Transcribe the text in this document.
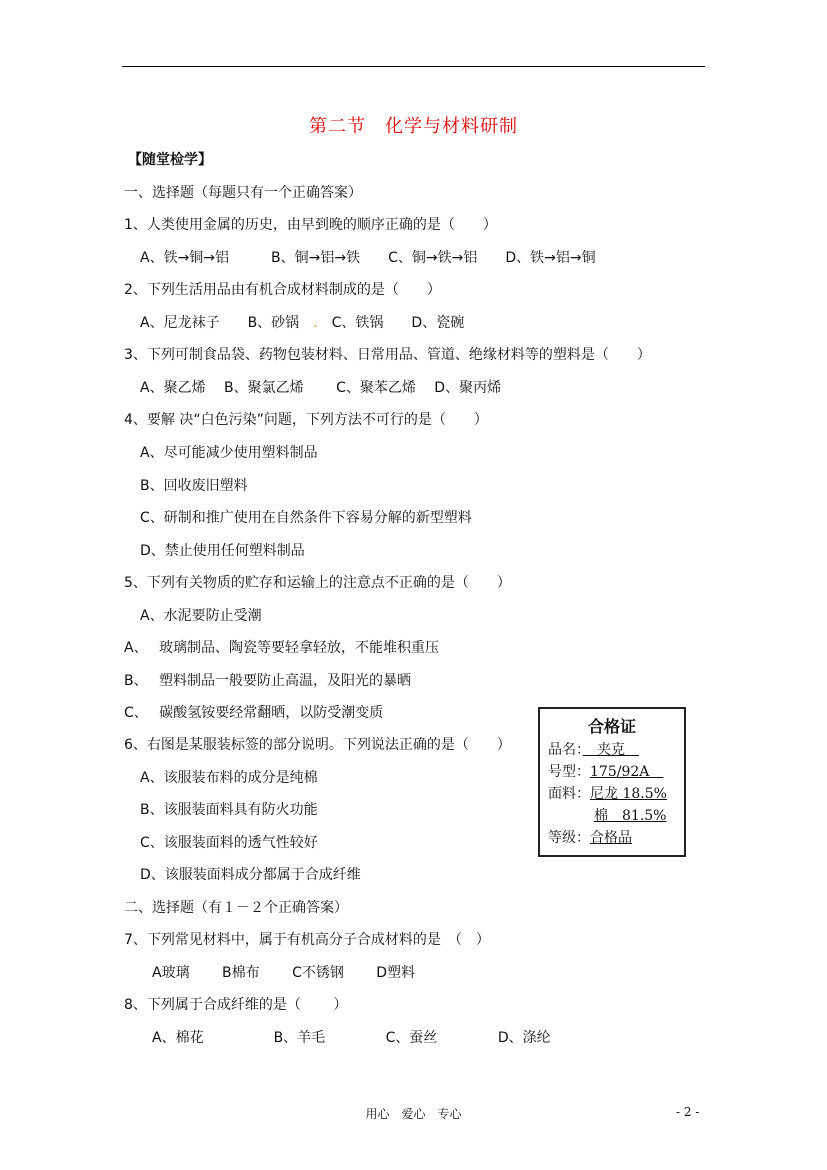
第二节　化学与材料研制
【随堂检学】
一、选择题（每题只有一个正确答案）
1、人类使用金属的历史，由早到晚的顺序正确的是（　　）
A、铁→铜→铝　　　B、铜→铝→铁　　C、铜→铁→铝　　D、铁→铝→铜
2、下列生活用品由有机合成材料制成的是（　　）
A、尼龙袜子　　B、砂锅　 .　 C、铁锅　　D、瓷碗
3、下列可制食品袋、药物包装材料、日常用品、管道、绝缘材料等的塑料是（　　）
A、聚乙烯　 B、聚氯乙烯　　 C、聚苯乙烯　 D、聚丙烯
4、要解 决“白色污染”问题，下列方法不可行的是（　　）
A、尽可能减少使用塑料制品
B、回收废旧塑料
C、研制和推广使用在自然条件下容易分解的新型塑料
D、禁止使用任何塑料制品
5、下列有关物质的贮存和运输上的注意点不正确的是（　　）
A、水泥要防止受潮
A、　 玻璃制品、陶瓷等要轻拿轻放，不能堆积重压
B、　 塑料制品一般要防止高温，及阳光的暴晒
C、　 碳酸氢铵要经常翻晒，以防受潮变质
6、右图是某服装标签的部分说明。下列说法正确的是（　　）
A、该服装布料的成分是纯棉
B、该服装面料具有防火功能
C、该服装面料的透气性较好
D、该服装面料成分都属于合成纤维
合格证
品名：　夹克　
号型：175/92A　
面料：尼龙 18.5%
棉　81.5%
等级：合格品
二、选择题（有１－２个正确答案）
7、下列常见材料中，属于有机高分子合成材料的是　（　）
A玻璃　　 B棉布　　 C不锈钢　　 D塑料
8、下列属于合成纤维的是（　　 ）
A、棉花　　　　　B、羊毛　　　　 C、蚕丝　　　　 D、涤纶
用心　爱心　专心	- 2 -
